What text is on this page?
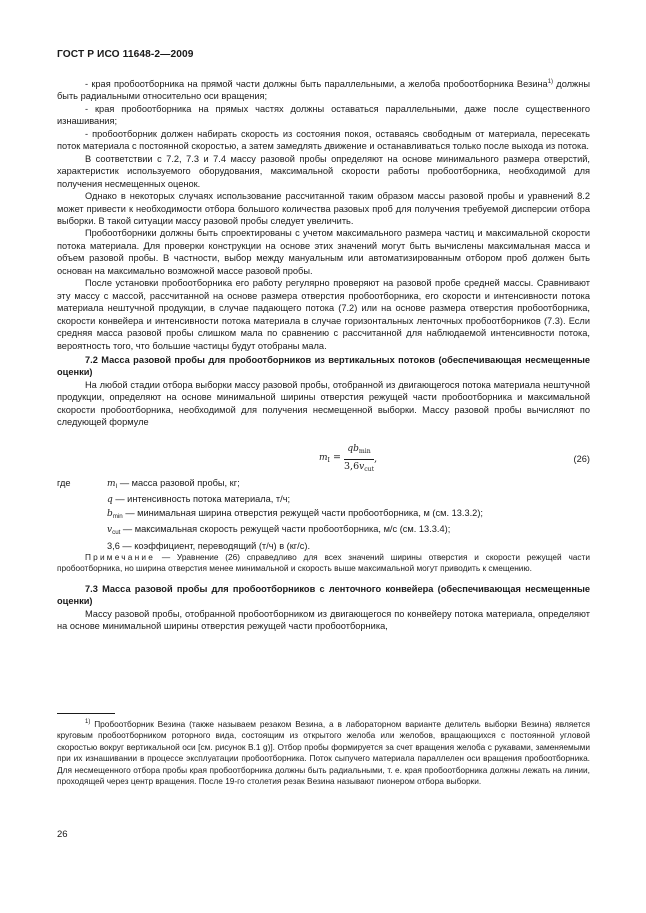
ГОСТ Р ИСО 11648-2—2009

- края пробоотборника на прямой части должны быть параллельными, а желоба пробоотборника Везина$^{1)}$ должны быть радиальными относительно оси вращения;

- края пробоотборника на прямых частях должны оставаться параллельными, даже после существенного изнашивания;

- пробоотборник должен набирать скорость из состояния покоя, оставаясь свободным от материала, пересекать поток материала с постоянной скоростью, а затем замедлять движение и останавливаться только после выхода из потока.

В соответствии с 7.2, 7.3 и 7.4 массу разовой пробы определяют на основе минимального размера отверстий, характеристик используемого оборудования, максимальной скорости работы пробоотборника, необходимой для получения несмещенных оценок.

Однако в некоторых случаях использование рассчитанной таким образом массы разовой пробы и уравнений 8.2 может привести к необходимости отбора большого количества разовых проб для получения требуемой дисперсии отбора выборки. В такой ситуации массу разовой пробы следует увеличить.

Пробоотборники должны быть спроектированы с учетом максимального размера частиц и максимальной скорости потока материала. Для проверки конструкции на основе этих значений могут быть вычислены максимальная масса и объем разовой пробы. В частности, выбор между мануальным или автоматизированным отбором проб должен быть основан на максимально возможной массе разовой пробы.

После установки пробоотборника его работу регулярно проверяют на разовой пробе средней массы. Сравнивают эту массу с массой, рассчитанной на основе размера отверстия пробоотборника, его скорости и интенсивности потока материала нештучной продукции, в случае падающего потока (7.2) или на основе размера отверстия пробоотборника, скорости конвейера и интенсивности потока материала в случае горизонтальных ленточных пробоотборников (7.3). Если средняя масса разовой пробы слишком мала по сравнению с рассчитанной для наблюдаемой интенсивности потока, вероятность того, что большие частицы будут отобраны мала.

7.2 Масса разовой пробы для пробоотборников из вертикальных потоков (обеспечивающая несмещенные оценки)

На любой стадии отбора выборки массу разовой пробы, отобранной из двигающегося потока материала нештучной продукции, определяют на основе минимальной ширины отверстия режущей части пробоотборника и максимальной скорости пробоотборника, необходимой для получения несмещенной выборки. Массу разовой пробы вычисляют по следующей формуле

$m_I = \frac{qb_{min}}{3,6v_{cut}}$ ,	(26)
где	$m_I$ — масса разовой пробы, кг;
q — интенсивность потока материала, т/ч;
$b_{min}$ — минимальная ширина отверстия режущей части пробоотборника, м (см. 13.3.2);
$v_{cut}$ — максимальная скорость режущей части пробоотборника, м/с (см. 13.3.4);
3,6 — коэффициент, переводящий (т/ч) в (кг/с).

Примечание — Уравнение (26) справедливо для всех значений ширины отверстия и скорости режущей части пробоотборника, но ширина отверстия менее минимальной и скорость выше максимальной могут приводить к смещению.

7.3 Масса разовой пробы для пробоотборников с ленточного конвейера (обеспечивающая несмещенные оценки)

Массу разовой пробы, отобранной пробоотборником из двигающегося по конвейеру потока материала, определяют на основе минимальной ширины отверстия режущей части пробоотборника,

$^{1)}$ Пробоотборник Везина (также называем резаком Везина, а в лабораторном варианте делитель выборки Везина) является круговым пробоотборником роторного вида, состоящим из открытого желоба или желобов, вращающихся с постоянной угловой скоростью вокруг вертикальной оси [см. рисунок В.1 g)]. Отбор пробы формируется за счет вращения желоба с рукавами, заменяемыми при их изнашивании в процессе эксплуатации пробоотборника. Поток сыпучего материала параллелен оси вращения пробоотборника. Для несмещенного отбора пробы края пробоотборника должны быть радиальными, т. е. края пробоотборника должны лежать на линии, проходящей через центр вращения. После 19-го столетия резак Везина называют пионером отбора выборки.
26
